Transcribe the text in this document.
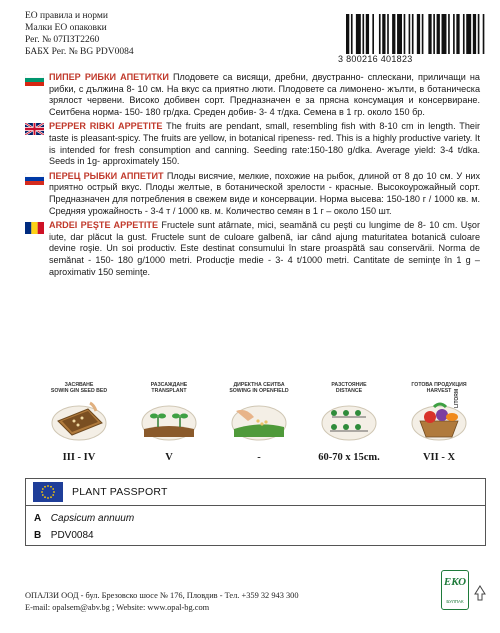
ЕО правила и норми
Малки ЕО опаковки
Рег. № 07ПЗТ2260
БАБХ Рег. № BG PDV0084
3 800216 401823
ПИПЕР РИБКИ АПЕТИТКИ Плодовете са висящи, дребни, двустранно- сплескани, приличащи на рибки, с дължина 8- 10 см. На вкус са приятно люти. Плодовете са лимонено- жълти, в ботаническа зрялост червени. Високо добивен сорт. Предназначен е за прясна консумация и консервиране. Сеитбена норма- 150- 180 гр/дка. Среден добив- 3- 4 т/дка. Семена в 1 гр. около 150 бр.
PEPPER RIBKI APPETITE The fruits are pendant, small, resembling fish with 8-10 cm in length. Their taste is pleasant-spicy. The fruits are yellow, in botanical ripeness- red. This is a highly productive variety. It is intended for fresh consumption and canning. Seeding rate:150-180 g/dka. Average yield: 3-4 t/dka. Seeds in 1g- approximately 150.
ПЕРЕЦ РЫБКИ АППЕТИТ Плоды висячие, мелкие, похожие на рыбок, длиной от 8 до 10 см. У них приятно острый вкус. Плоды желтые, в ботанической зрелости - красные. Высокоурожайный сорт. Предназначен для потребления в свежем виде и консервации. Норма высева: 150-180 г / 1000 кв. м. Средняя урожайность - 3-4 т / 1000 кв. м. Количество семян в 1 г – около 150 шт.
ARDEI PEŞTE APPETITE Fructele sunt atârnate, mici, seamănă cu peşti cu lungime de 8- 10 cm. Uşor iute, dar plăcut la gust. Fructele sunt de culoare galbenă, iar când ajung maturitatea botanică culoare devine roşie. Un soi productiv. Este destinat consumului în stare proaspătă sau conservării. Norma de semănat - 150- 180 g/1000 metri. Producţie medie - 3- 4 t/1000 metri. Cantitate de seminţe în 1 g – aproximativ 150 seminţe.
ЗАСЯВАНЕ
SOWIN GIN SEED BED
III - IV
РАЗСАЖДАНЕ
TRANSPLANT
V
ДИРЕКТНА СЕИТБА
SOWING IN OPENFIELD
-
РАЗСТОЯНИЕ
DISTANCE
60-70 x 15cm.
ГОТОВА ПРОДУКЦИЯ
HARVEST
VII - X
LITORM
PLANT PASSPORT
A Capsicum annuum
B PDV0084
ОПАЛЗИ ООД - бул. Брезовско шосе № 176, Пловдив - Тел. +359 32 943 300
E-mail: opalsem@abv.bg ; Website: www.opal-bg.com
ЕКО
БУЛПАК
